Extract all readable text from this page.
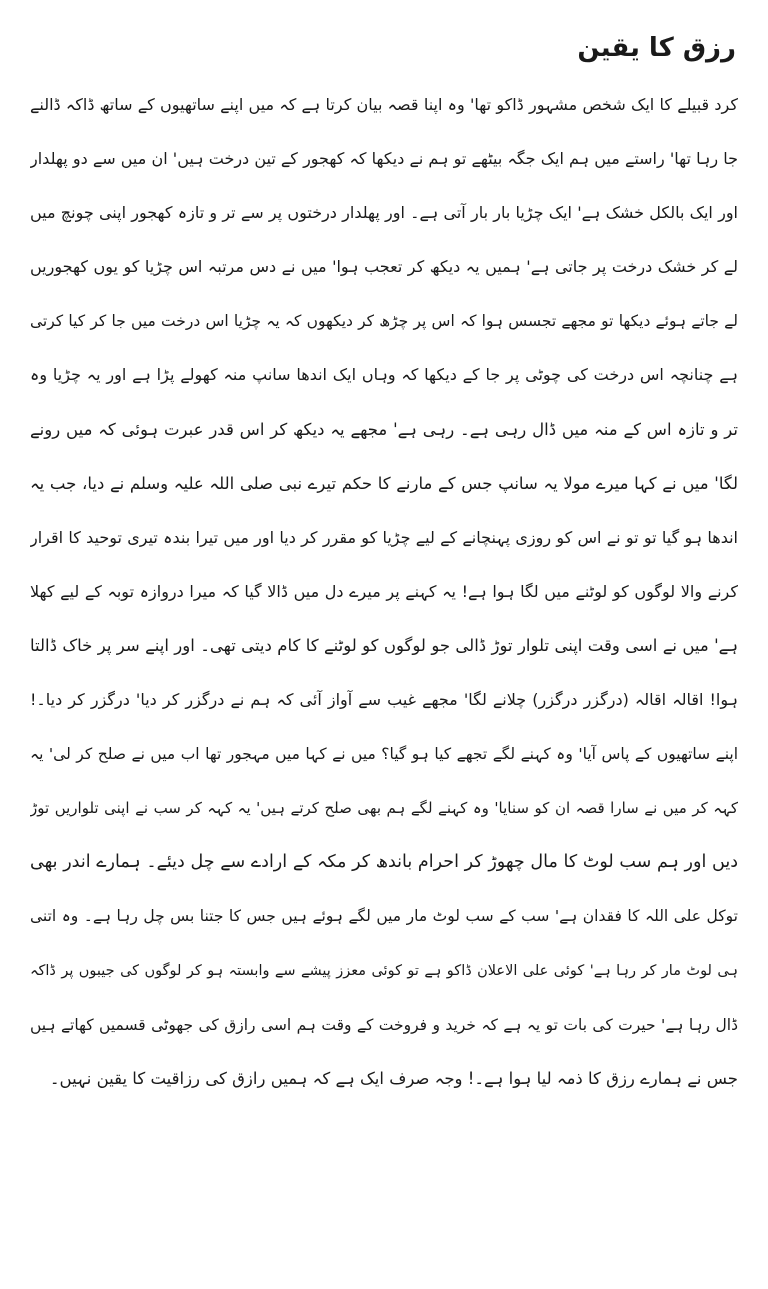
رزق کا یقین
کرد قبیلے کا ایک شخص مشہور ڈاکو تھا' وہ اپنا قصہ بیان کرتا ہے کہ میں اپنے ساتھیوں کے ساتھ ڈاکہ ڈالنے
جا رہا تھا' راستے میں ہم ایک جگہ بیٹھے تو ہم نے دیکھا کہ کھجور کے تین درخت ہیں' ان میں سے دو پھلدار
اور ایک بالکل خشک ہے' ایک چڑیا بار بار آتی ہے۔ اور پھلدار درختوں پر سے تر و تازہ کھجور اپنی چونچ میں
لے کر خشک درخت پر جاتی ہے' ہمیں یہ دیکھ کر تعجب ہوا' میں نے دس مرتبہ اس چڑیا کو یوں کھجوریں
لے جاتے ہوئے دیکھا تو مجھے تجسس ہوا کہ اس پر چڑھ کر دیکھوں کہ یہ چڑیا اس درخت میں جا کر کیا کرتی
ہے چنانچہ اس درخت کی چوٹی پر جا کے دیکھا کہ وہاں ایک اندھا سانپ منہ کھولے پڑا ہے اور یہ چڑیا وہ
تر و تازہ اس کے منہ میں ڈال رہی ہے۔ رہی ہے' مجھے یہ دیکھ کر اس قدر عبرت ہوئی کہ میں رونے
لگا' میں نے کہا میرے مولا یہ سانپ جس کے مارنے کا حکم تیرے نبی صلی اللہ علیہ وسلم نے دیا، جب یہ
اندھا ہو گیا تو تو نے اس کو روزی پہنچانے کے لیے چڑیا کو مقرر کر دیا اور میں تیرا بندہ تیری توحید کا اقرار
کرنے والا لوگوں کو لوٹنے میں لگا ہوا ہے! یہ کہنے پر میرے دل میں ڈالا گیا کہ میرا دروازہ توبہ کے لیے کھلا
ہے' میں نے اسی وقت اپنی تلوار توڑ ڈالی جو لوگوں کو لوٹنے کا کام دیتی تھی۔ اور اپنے سر پر خاک ڈالتا
ہوا! اقالہ اقالہ (درگزر درگزر) چلانے لگا' مجھے غیب سے آواز آئی کہ ہم نے درگزر کر دیا' درگزر کر دیا۔!
اپنے ساتھیوں کے پاس آیا' وہ کہنے لگے تجھے کیا ہو گیا؟ میں نے کہا میں مہجور تھا اب میں نے صلح کر لی' یہ
کہہ کر میں نے سارا قصہ ان کو سنایا' وہ کہنے لگے ہم بھی صلح کرتے ہیں' یہ کہہ کر سب نے اپنی تلواریں توڑ
دیں اور ہم سب لوٹ کا مال چھوڑ کر احرام باندھ کر مکہ کے ارادے سے چل دیئے۔ ہمارے اندر بھی
توکل علی اللہ کا فقدان ہے' سب کے سب لوٹ مار میں لگے ہوئے ہیں جس کا جتنا بس چل رہا ہے۔ وہ اتنی
ہی لوٹ مار کر رہا ہے' کوئی علی الاعلان ڈاکو ہے تو کوئی معزز پیشے سے وابستہ ہو کر لوگوں کی جیبوں پر ڈاکہ
ڈال رہا ہے' حیرت کی بات تو یہ ہے کہ خرید و فروخت کے وقت ہم اسی رازق کی جھوٹی قسمیں کھاتے ہیں
جس نے ہمارے رزق کا ذمہ لیا ہوا ہے۔! وجہ صرف ایک ہے کہ ہمیں رازق کی رزاقیت کا یقین نہیں۔
